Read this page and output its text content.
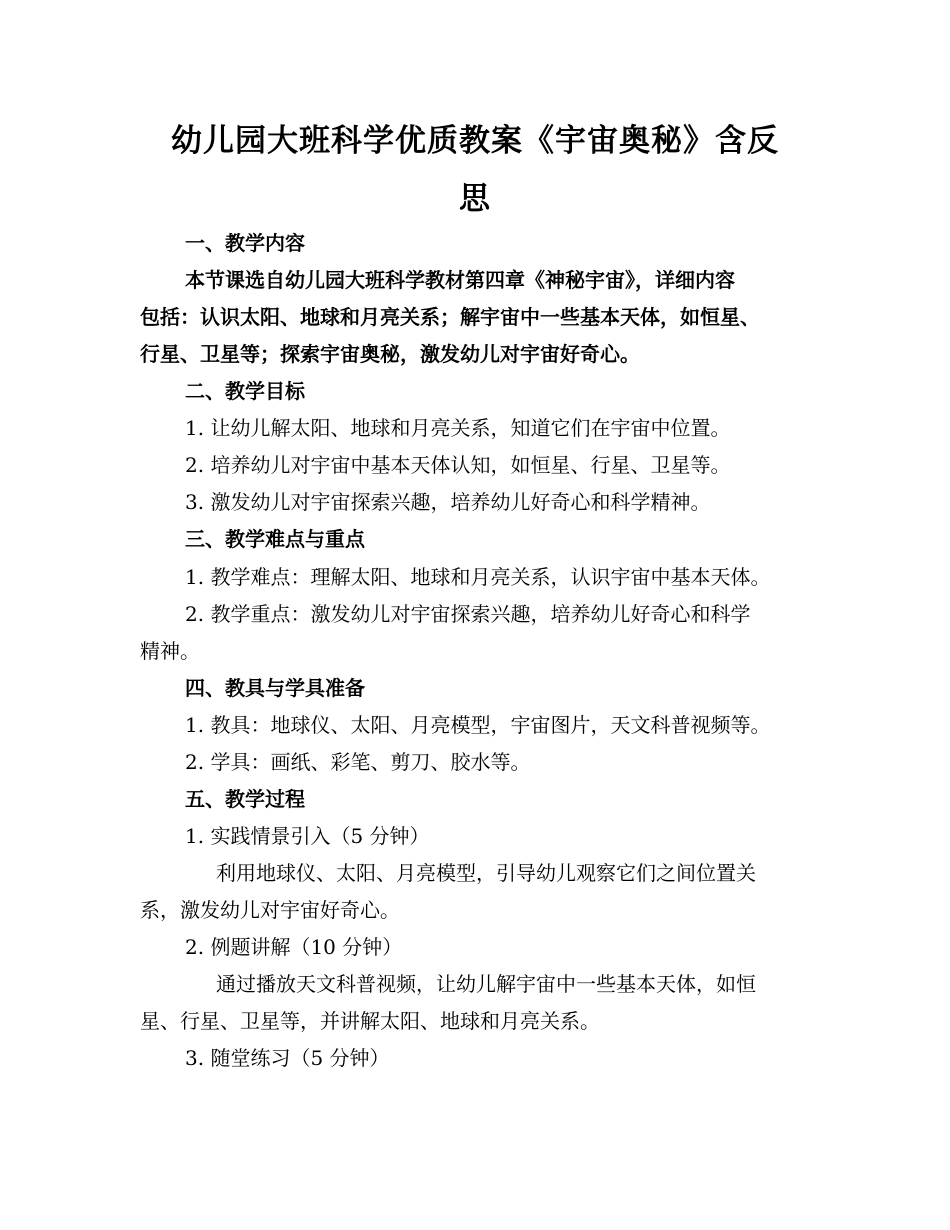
幼儿园大班科学优质教案《宇宙奥秘》含反
思

一、教学内容

本节课选自幼儿园大班科学教材第四章《神秘宇宙》，详细内容

包括：认识太阳、地球和月亮关系；解宇宙中一些基本天体，如恒星、

行星、卫星等；探索宇宙奥秘，激发幼儿对宇宙好奇心。

二、教学目标

1. 让幼儿解太阳、地球和月亮关系，知道它们在宇宙中位置。

2. 培养幼儿对宇宙中基本天体认知，如恒星、行星、卫星等。

3. 激发幼儿对宇宙探索兴趣，培养幼儿好奇心和科学精神。

三、教学难点与重点

1. 教学难点：理解太阳、地球和月亮关系，认识宇宙中基本天体。

2. 教学重点：激发幼儿对宇宙探索兴趣，培养幼儿好奇心和科学

精神。

四、教具与学具准备

1. 教具：地球仪、太阳、月亮模型，宇宙图片，天文科普视频等。

2. 学具：画纸、彩笔、剪刀、胶水等。

五、教学过程

1. 实践情景引入（5 分钟）

利用地球仪、太阳、月亮模型，引导幼儿观察它们之间位置关

系，激发幼儿对宇宙好奇心。

2. 例题讲解（10 分钟）

通过播放天文科普视频，让幼儿解宇宙中一些基本天体，如恒

星、行星、卫星等，并讲解太阳、地球和月亮关系。

3. 随堂练习（5 分钟）
